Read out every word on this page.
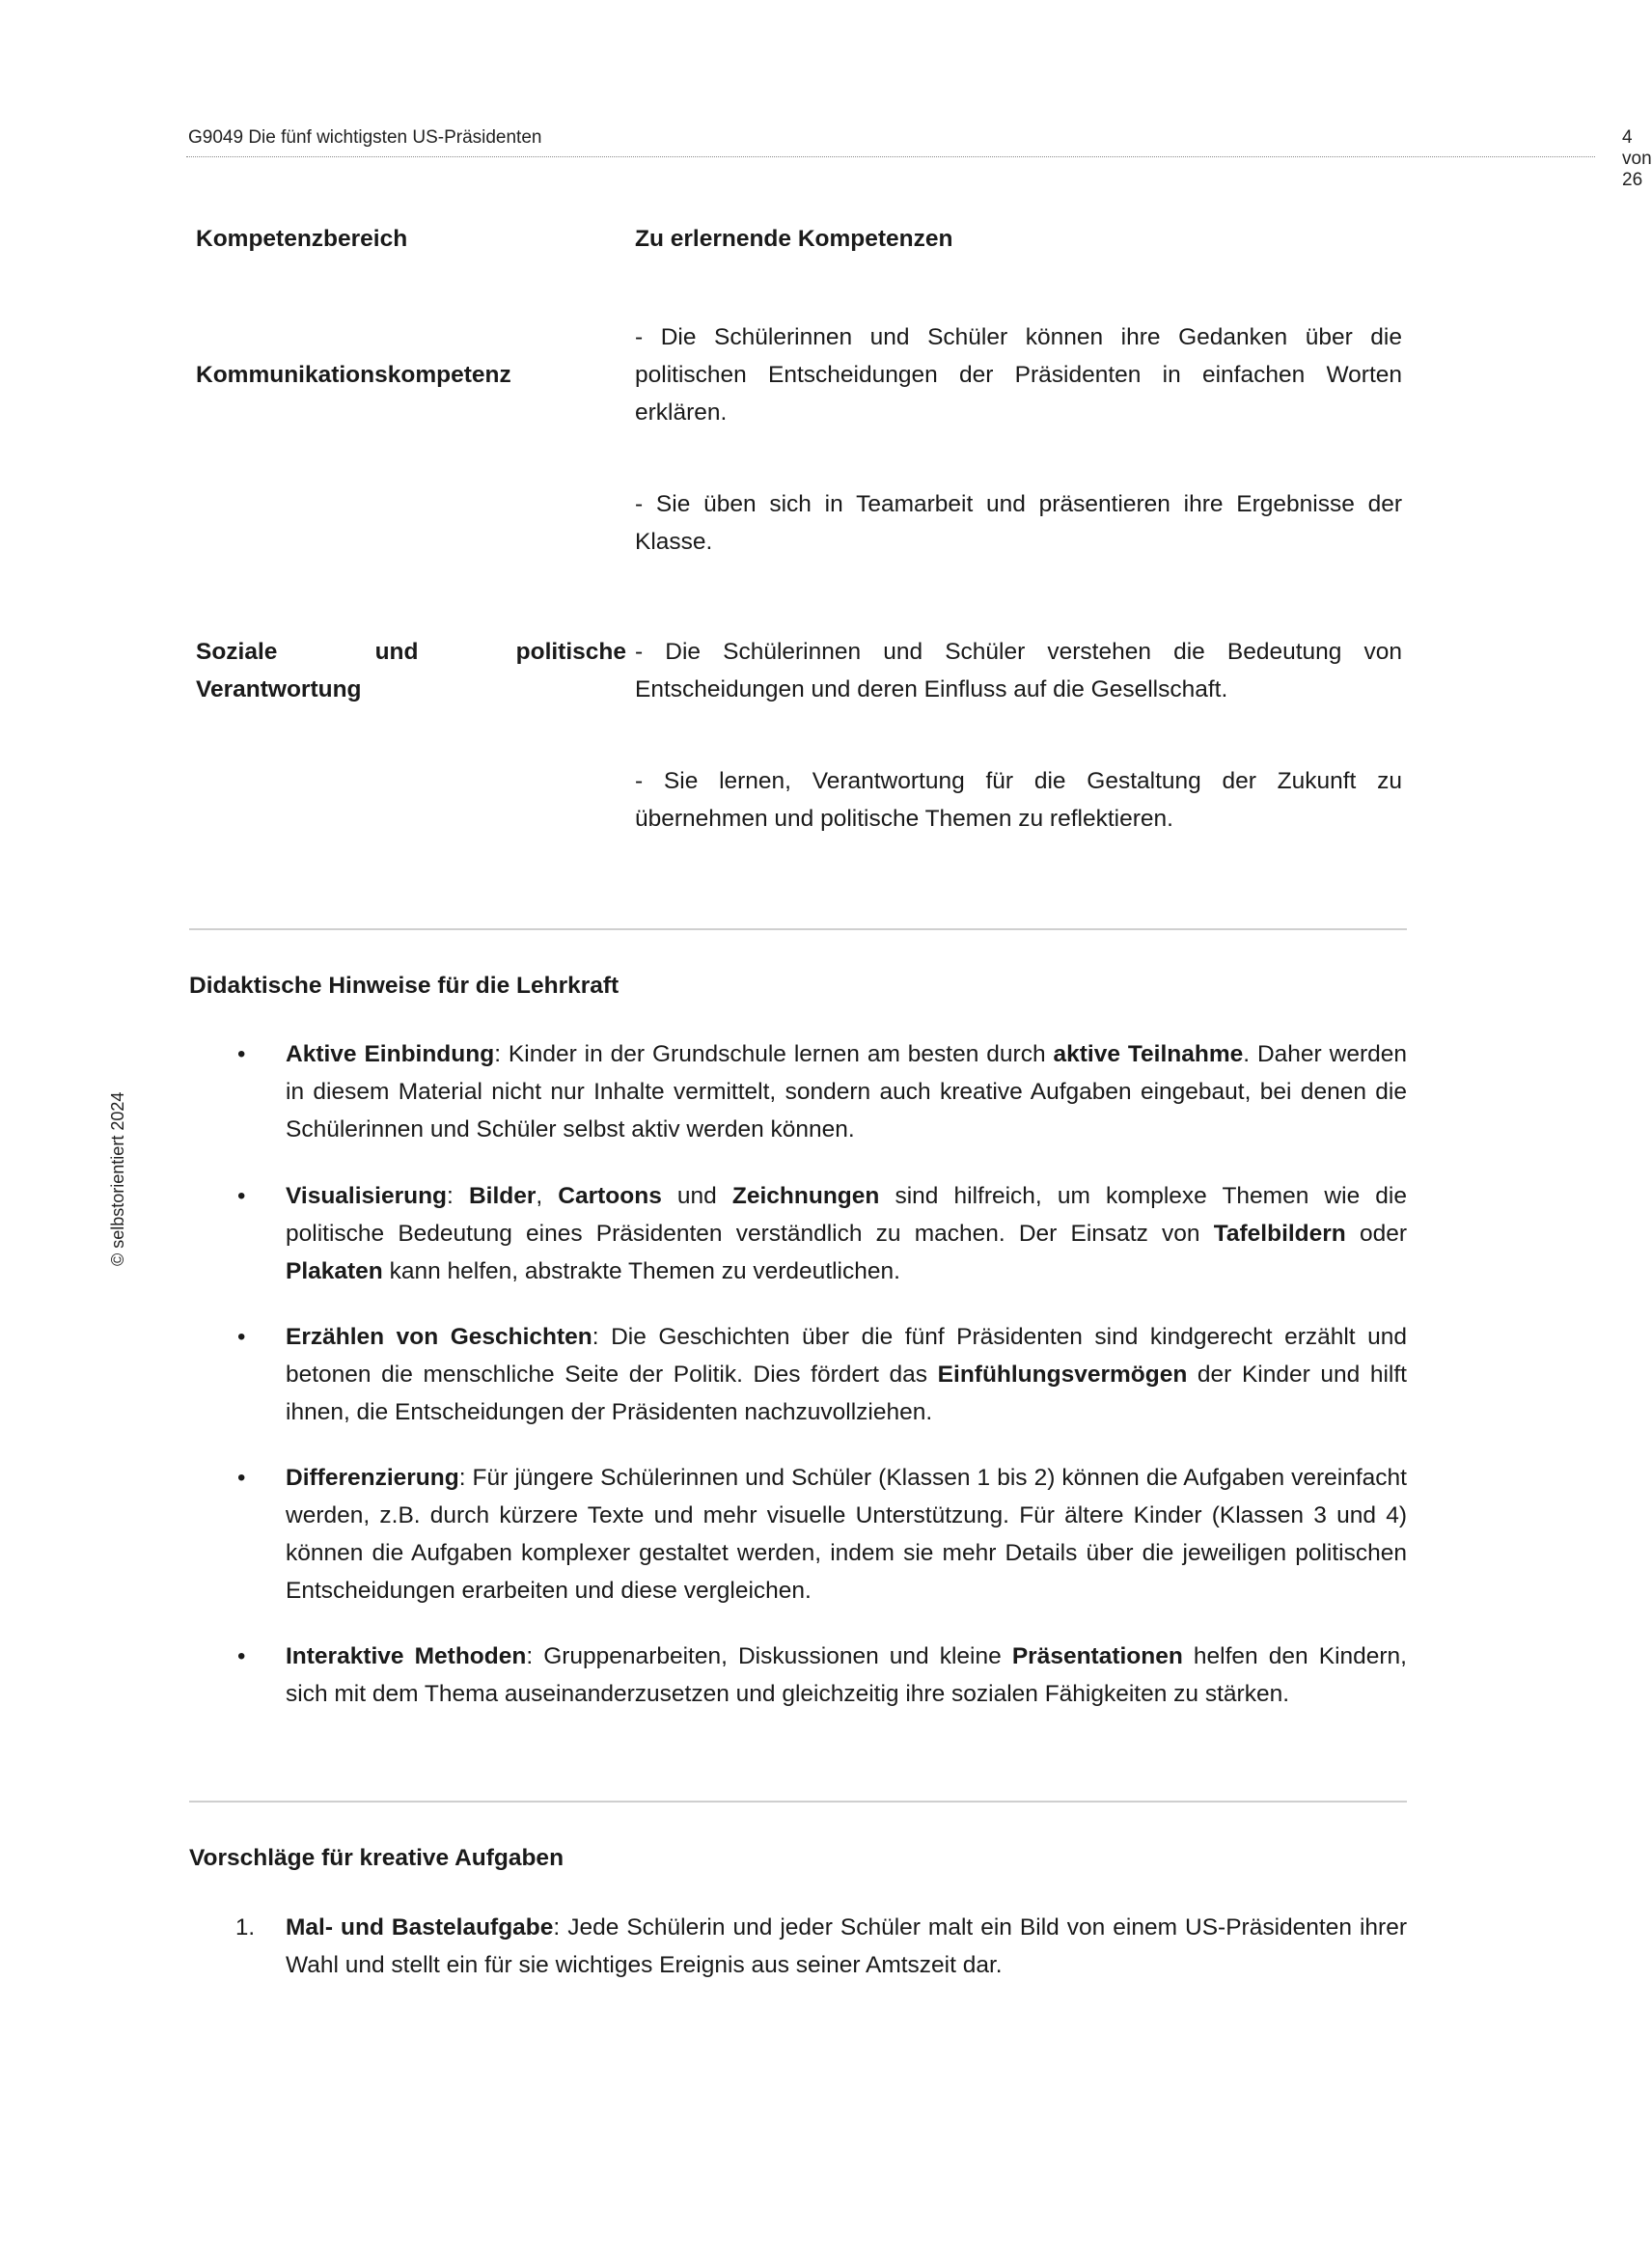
G9049 Die fünf wichtigsten US-Präsidenten	4 von 26
© selbstorientiert 2024
Kompetenzbereich	Zu erlernende Kompetenzen
Kommunikationskompetenz
- Die Schülerinnen und Schüler können ihre Gedanken über die politischen Entscheidungen der Präsidenten in einfachen Worten erklären.
- Sie üben sich in Teamarbeit und präsentieren ihre Ergebnisse der Klasse.
Soziale und politische
Verantwortung
- Die Schülerinnen und Schüler verstehen die Bedeutung von Entscheidungen und deren Einfluss auf die Gesellschaft.
- Sie lernen, Verantwortung für die Gestaltung der Zukunft zu übernehmen und politische Themen zu reflektieren.
Didaktische Hinweise für die Lehrkraft
• Aktive Einbindung: Kinder in der Grundschule lernen am besten durch aktive Teilnahme. Daher werden in diesem Material nicht nur Inhalte vermittelt, sondern auch kreative Aufgaben eingebaut, bei denen die Schülerinnen und Schüler selbst aktiv werden können.
• Visualisierung: Bilder, Cartoons und Zeichnungen sind hilfreich, um komplexe Themen wie die politische Bedeutung eines Präsidenten verständlich zu machen. Der Einsatz von Tafelbildern oder Plakaten kann helfen, abstrakte Themen zu verdeutlichen.
• Erzählen von Geschichten: Die Geschichten über die fünf Präsidenten sind kindgerecht erzählt und betonen die menschliche Seite der Politik. Dies fördert das Einfühlungsvermögen der Kinder und hilft ihnen, die Entscheidungen der Präsidenten nachzuvollziehen.
• Differenzierung: Für jüngere Schülerinnen und Schüler (Klassen 1 bis 2) können die Aufgaben vereinfacht werden, z.B. durch kürzere Texte und mehr visuelle Unterstützung. Für ältere Kinder (Klassen 3 und 4) können die Aufgaben komplexer gestaltet werden, indem sie mehr Details über die jeweiligen politischen Entscheidungen erarbeiten und diese vergleichen.
• Interaktive Methoden: Gruppenarbeiten, Diskussionen und kleine Präsentationen helfen den Kindern, sich mit dem Thema auseinanderzusetzen und gleichzeitig ihre sozialen Fähigkeiten zu stärken.
Vorschläge für kreative Aufgaben
1. Mal- und Bastelaufgabe: Jede Schülerin und jeder Schüler malt ein Bild von einem US-Präsidenten ihrer Wahl und stellt ein für sie wichtiges Ereignis aus seiner Amtszeit dar.
